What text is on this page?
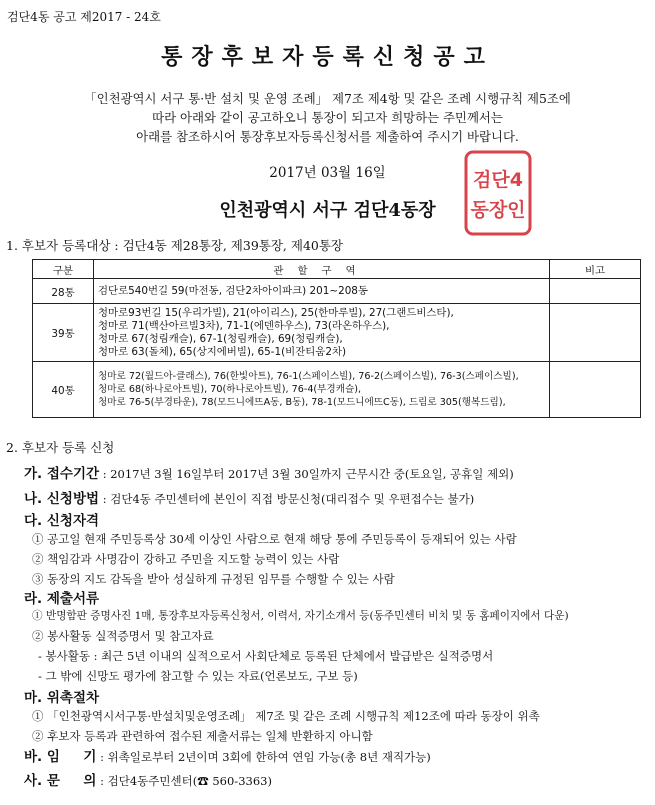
검단4동 공고 제2017 - 24호
통장후보자등록신청공고
「인천광역시 서구 통·반 설치 및 운영 조례」 제7조 제4항 및 같은 조례 시행규칙 제5조에
따라 아래와 같이 공고하오니 통장이 되고자 희망하는 주민께서는
아래를 참조하시어 통장후보자등록신청서를 제출하여 주시기 바랍니다.
2017년 03월 16일
인천광역시 서구 검단4동장
검단4
동장인
1. 후보자 등록대상 : 검단4동 제28통장, 제39통장, 제40통장
구분	관할구역	비고
28통	검단로540번길 59(마전동, 검단2차아이파크) 201~208동	

39통	청마로93번길 15(우리가빌), 21(아이리스), 25(한마루빌), 27(그랜드비스타),
청마로 71(백산아르빌3차), 71-1(에덴하우스), 73(라온하우스),
청마로 67(청림캐슬), 67-1(청림캐슬), 69(청림캐슬),
청마로 63(돌체), 65(상지에버빌), 65-1(비잔티움2차)	

40통	청마로 72(월드아-클래스), 76(한빛아트), 76-1(스페이스빌), 76-2(스페이스빌), 76-3(스페이스빌),
청마로 68(하나로아트빌), 70(하나로아트빌), 76-4(부경캐슬),
청마로 76-5(부경타운), 78(모드니에뜨A동, B동), 78-1(모드니에뜨C동), 드림로 305(행복드림),	

2. 후보자 등록 신청
가. 접수기간 : 2017년 3월 16일부터 2017년 3월 30일까지 근무시간 중(토요일, 공휴일 제외)
나. 신청방법 : 검단4동 주민센터에 본인이 직접 방문신청(대리접수 및 우편접수는 불가)
다. 신청자격
① 공고일 현재 주민등록상 30세 이상인 사람으로 현재 해당 통에 주민등록이 등재되어 있는 사람
② 책임감과 사명감이 강하고 주민을 지도할 능력이 있는 사람
③ 동장의 지도 감독을 받아 성실하게 규정된 임무를 수행할 수 있는 사람
라. 제출서류
① 반명함판 증명사진 1매, 통장후보자등록신청서, 이력서, 자기소개서 등(동주민센터 비치 및 동 홈페이지에서 다운)
② 봉사활동 실적증명서 및 참고자료
- 봉사활동 : 최근 5년 이내의 실적으로서 사회단체로 등록된 단체에서 발급받은 실적증명서
- 그 밖에 신망도 평가에 참고할 수 있는 자료(언론보도, 구보 등)
마. 위촉절차
① 「인천광역시서구통·반설치및운영조례」 제7조 및 같은 조례 시행규칙 제12조에 따라 동장이 위촉
② 후보자 등록과 관련하여 접수된 제출서류는 일체 반환하지 아니함
바. 임     기 : 위촉일로부터 2년이며 3회에 한하여 연임 가능(총 8년 재직가능)
사. 문     의 : 검단4동주민센터(☎ 560-3363)
